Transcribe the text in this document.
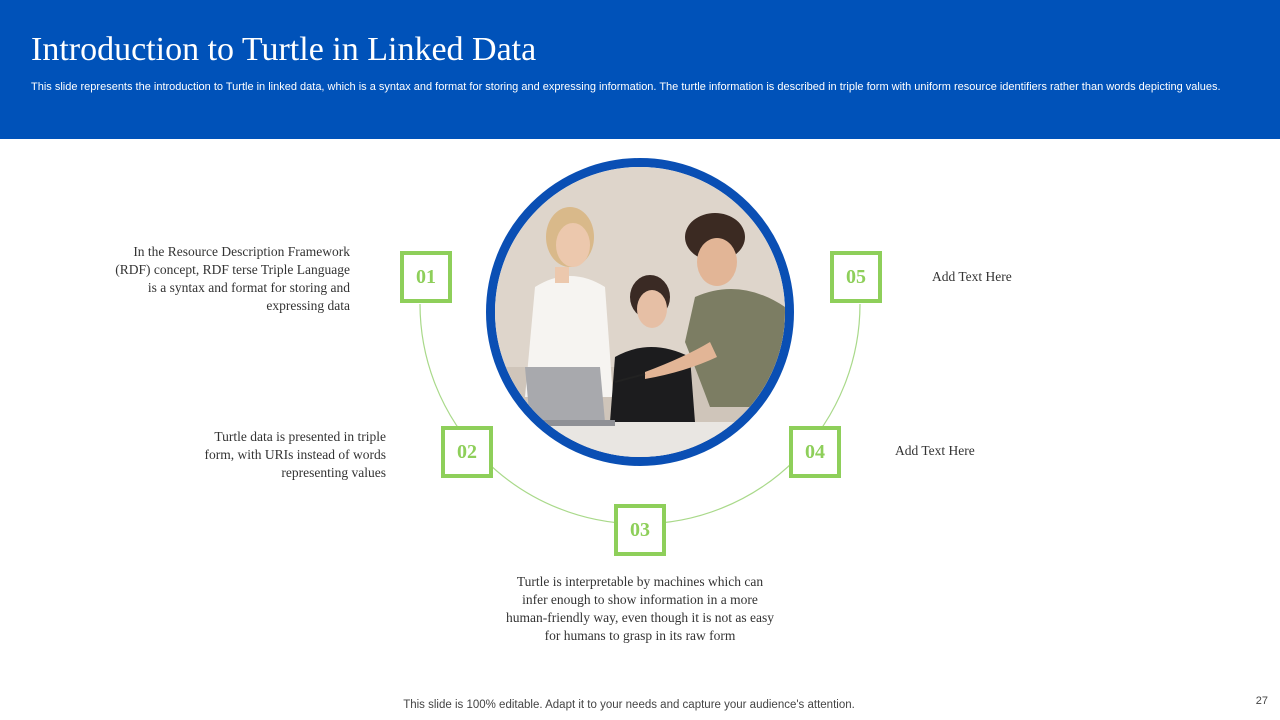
Introduction to Turtle in Linked Data
This slide represents the introduction to Turtle in linked data, which is a syntax and format for storing and expressing information. The turtle information is described in triple form with uniform resource identifiers rather than words depicting values.
01
02
03
04
05
In the Resource Description Framework (RDF) concept, RDF terse Triple Language is a syntax and format for storing and expressing data
Turtle data is presented in triple form, with URIs instead of words representing values
Turtle is interpretable by machines which can infer enough to show information in a more human-friendly way, even though it is not as easy for humans to grasp in its raw form
Add Text Here
Add Text Here
This slide is 100% editable. Adapt it to your needs and capture your audience's attention.	27
